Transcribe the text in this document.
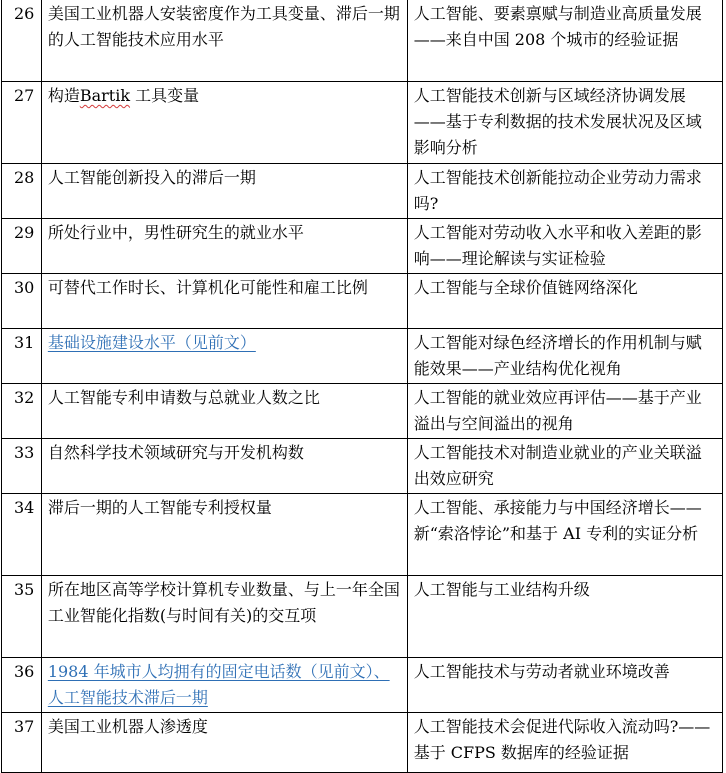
26	美国工业机器人安装密度作为工具变量、滞后一期的人工智能技术应用水平	人工智能、要素禀赋与制造业高质量发展——来自中国 208 个城市的经验证据
27	构造Bartik 工具变量	人工智能技术创新与区域经济协调发展——基于专利数据的技术发展状况及区域影响分析
28	人工智能创新投入的滞后一期	人工智能技术创新能拉动企业劳动力需求吗?
29	所处行业中，男性研究生的就业水平	人工智能对劳动收入水平和收入差距的影响——理论解读与实证检验
30	可替代工作时长、计算机化可能性和雇工比例	人工智能与全球价值链网络深化
31	基础设施建设水平（见前文）	人工智能对绿色经济增长的作用机制与赋能效果——产业结构优化视角
32	人工智能专利申请数与总就业人数之比	人工智能的就业效应再评估——基于产业溢出与空间溢出的视角
33	自然科学技术领域研究与开发机构数	人工智能技术对制造业就业的产业关联溢出效应研究
34	滞后一期的人工智能专利授权量	人工智能、承接能力与中国经济增长——新“索洛悖论”和基于 AI 专利的实证分析
35	所在地区高等学校计算机专业数量、与上一年全国工业智能化指数(与时间有关)的交互项	人工智能与工业结构升级
36	1984 年城市人均拥有的固定电话数（见前文）、人工智能技术滞后一期	人工智能技术与劳动者就业环境改善
37	美国工业机器人渗透度	人工智能技术会促进代际收入流动吗?——基于 CFPS 数据库的经验证据
